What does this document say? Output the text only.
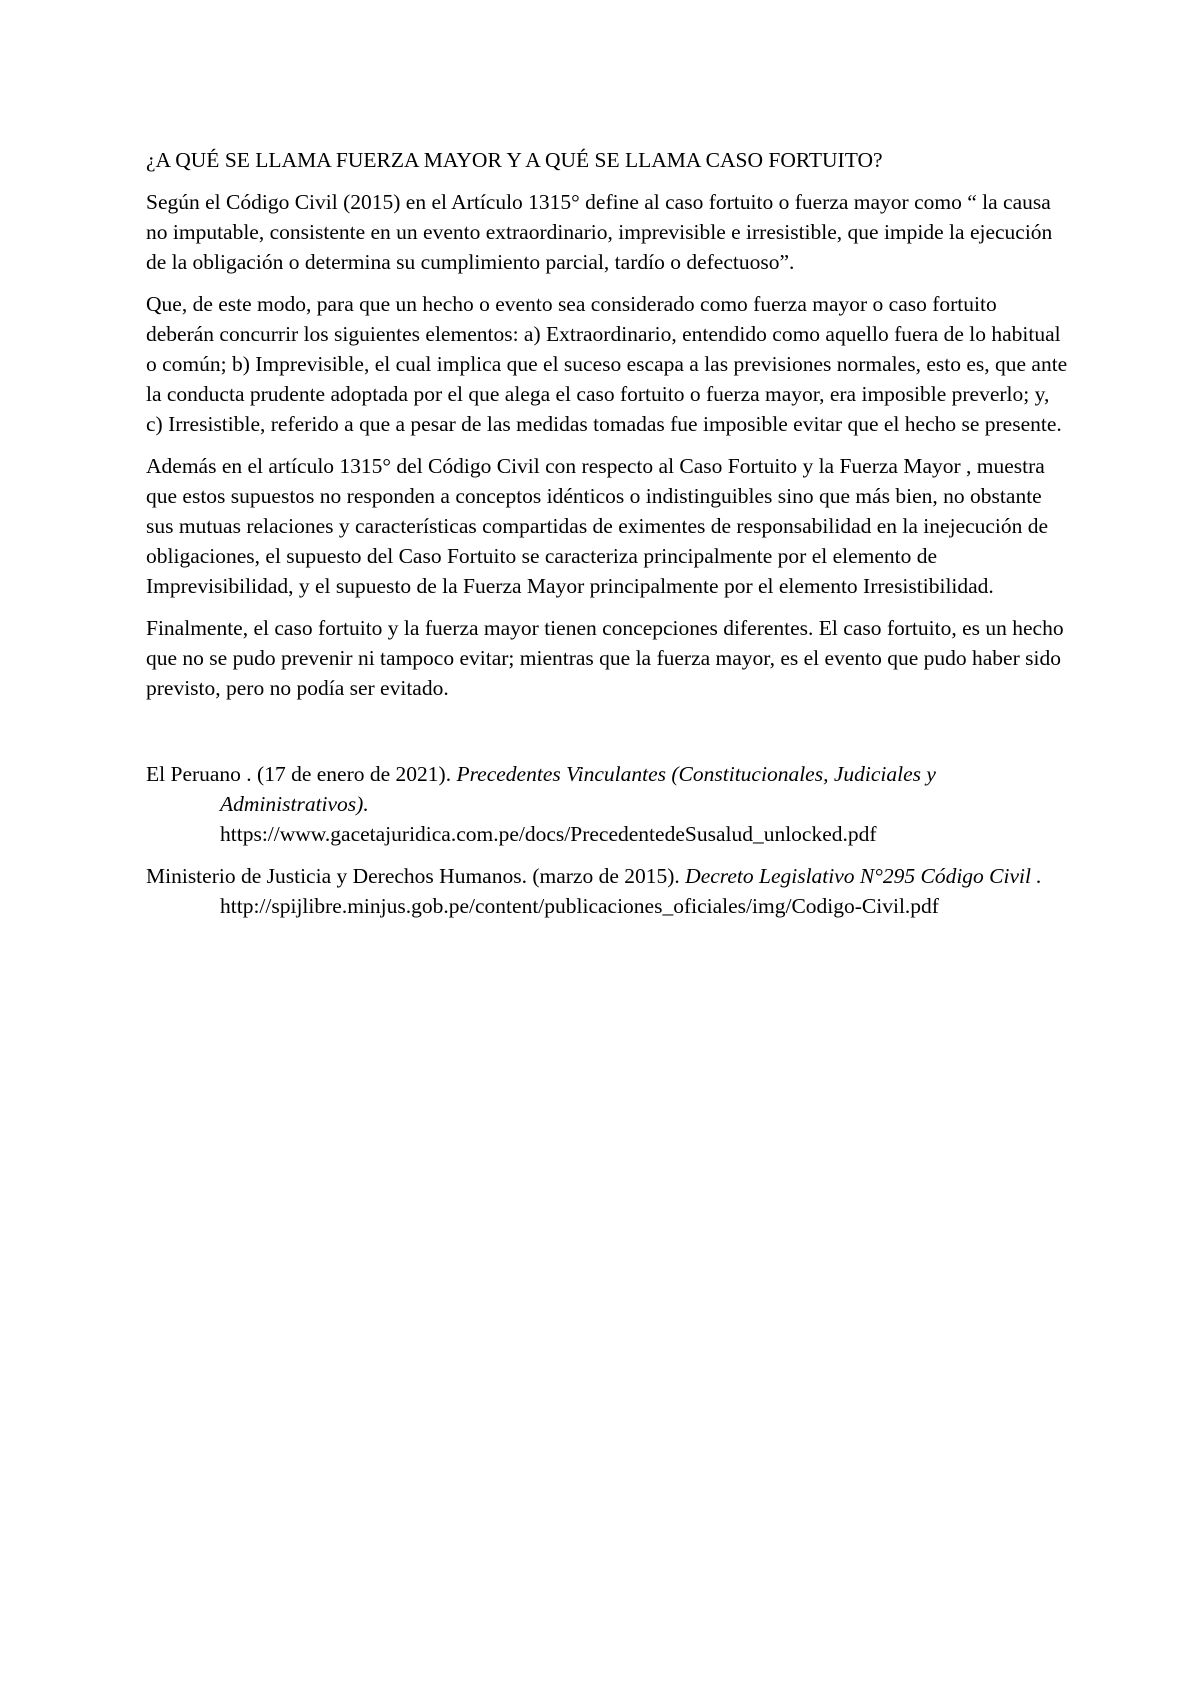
¿A QUÉ SE LLAMA FUERZA MAYOR Y A QUÉ SE LLAMA CASO FORTUITO?

Según el Código Civil (2015) en el Artículo 1315° define al caso fortuito o fuerza mayor como “ la causa no imputable, consistente en un evento extraordinario, imprevisible e irresistible, que impide la ejecución de la obligación o determina su cumplimiento parcial, tardío o defectuoso”.

Que, de este modo, para que un hecho o evento sea considerado como fuerza mayor o caso fortuito deberán concurrir los siguientes elementos: a) Extraordinario, entendido como aquello fuera de lo habitual o común; b) Imprevisible, el cual implica que el suceso escapa a las previsiones normales, esto es, que ante la conducta prudente adoptada por el que alega el caso fortuito o fuerza mayor, era imposible preverlo; y, c) Irresistible, referido a que a pesar de las medidas tomadas fue imposible evitar que el hecho se presente.

Además en el artículo 1315° del Código Civil con respecto al Caso Fortuito y la Fuerza Mayor , muestra que estos supuestos no responden a conceptos idénticos o indistinguibles sino que más bien, no obstante sus mutuas relaciones y características compartidas de eximentes de responsabilidad en la inejecución de obligaciones, el supuesto del Caso Fortuito se caracteriza principalmente por el elemento de Imprevisibilidad, y el supuesto de la Fuerza Mayor principalmente por el elemento Irresistibilidad.

Finalmente, el caso fortuito y la fuerza mayor tienen concepciones diferentes. El caso fortuito, es un hecho que no se pudo prevenir ni tampoco evitar; mientras que la fuerza mayor, es el evento que pudo haber sido previsto, pero no podía ser evitado.

El Peruano . (17 de enero de 2021). Precedentes Vinculantes (Constitucionales, Judiciales y Administrativos).
https://www.gacetajuridica.com.pe/docs/PrecedentedeSusalud_unlocked.pdf

Ministerio de Justicia y Derechos Humanos. (marzo de 2015). Decreto Legislativo N°295 Código Civil .
http://spijlibre.minjus.gob.pe/content/publicaciones_oficiales/img/Codigo-Civil.pdf
